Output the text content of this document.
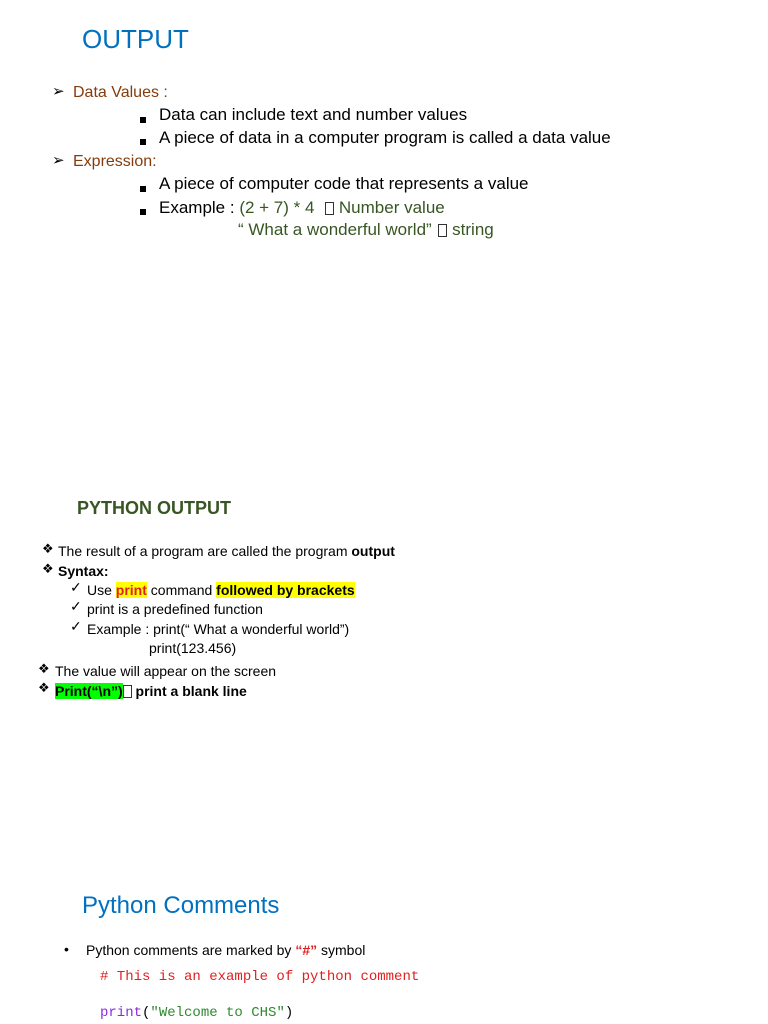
OUTPUT
➢ Data Values :
Data can include text and number values
A piece of data in a computer program is called a data value
➢ Expression:
A piece of computer code that represents a value
Example : (2 + 7) * 4 Number value
“ What a wonderful world” string
PYTHON OUTPUT
❖ The result of a program are called the program output
❖ Syntax:
✓ Use print command followed by brackets
✓ print is a predefined function
✓ Example : print(“ What a wonderful world”)
print(123.456)
❖ The value will appear on the screen
❖ Print(“\n”) print a blank line
Python Comments
• Python comments are marked by “#” symbol
# This is an example of python comment
print("Welcome to CHS")
